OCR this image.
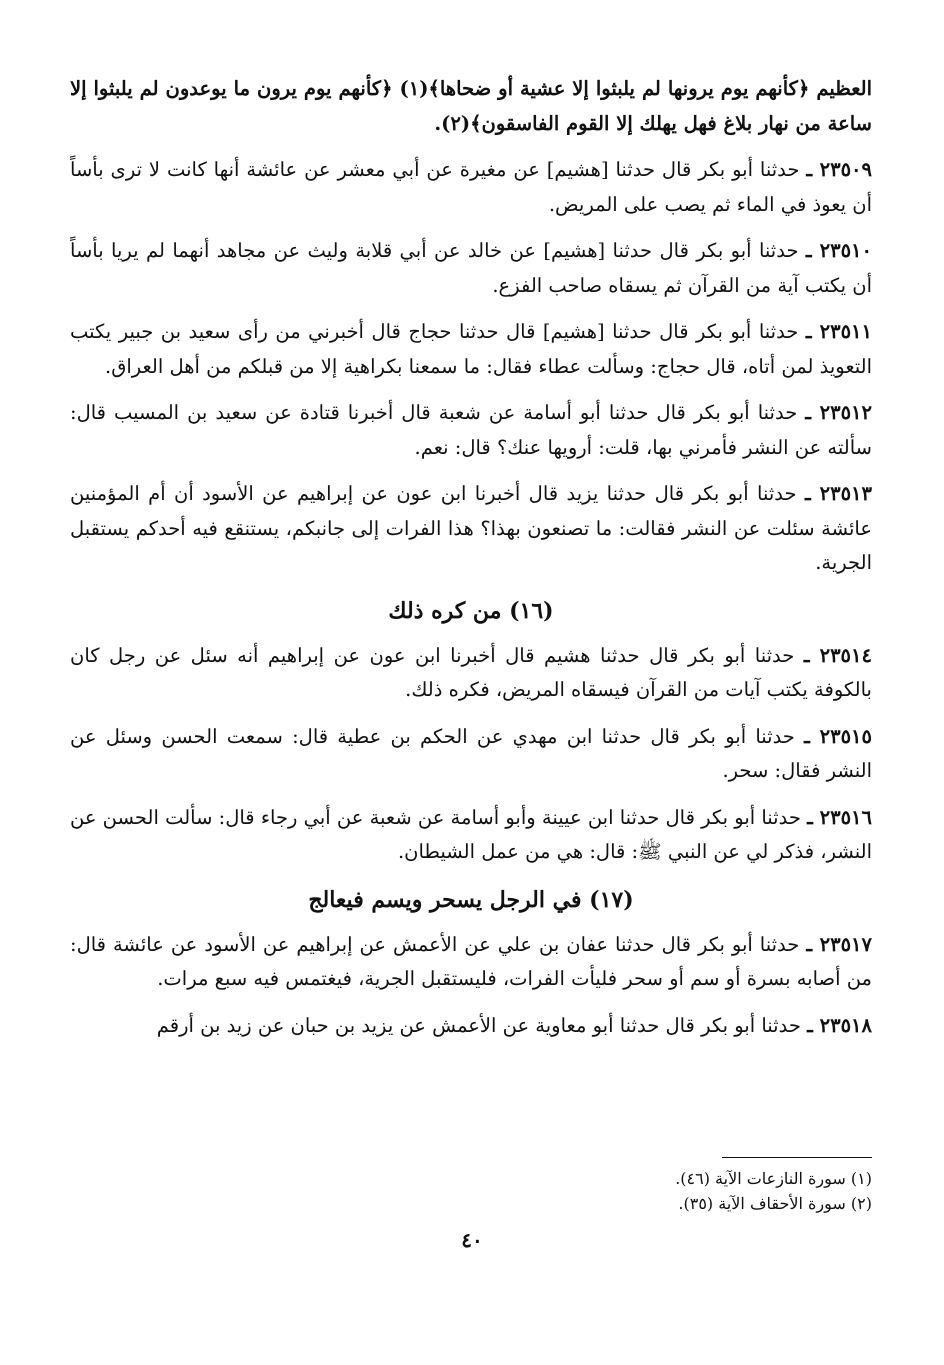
العظيم ﴿كأنهم يوم يرونها لم يلبثوا إلا عشية أو ضحاها﴾(١) ﴿كأنهم يوم يرون ما يوعدون لم يلبثوا إلا ساعة من نهار بلاغ فهل يهلك إلا القوم الفاسقون﴾(٢).

٢٣٥٠٩ ـ حدثنا أبو بكر قال حدثنا [هشيم] عن مغيرة عن أبي معشر عن عائشة أنها كانت لا ترى بأساً أن يعوذ في الماء ثم يصب على المريض.

٢٣٥١٠ ـ حدثنا أبو بكر قال حدثنا [هشيم] عن خالد عن أبي قلابة وليث عن مجاهد أنهما لم يريا بأساً أن يكتب آية من القرآن ثم يسقاه صاحب الفزع.

٢٣٥١١ ـ حدثنا أبو بكر قال حدثنا [هشيم] قال حدثنا حجاج قال أخبرني من رأى سعيد بن جبير يكتب التعويذ لمن أتاه، قال حجاج: وسألت عطاء فقال: ما سمعنا بكراهية إلا من قبلكم من أهل العراق.

٢٣٥١٢ ـ حدثنا أبو بكر قال حدثنا أبو أسامة عن شعبة قال أخبرنا قتادة عن سعيد بن المسيب قال: سألته عن النشر فأمرني بها، قلت: أرويها عنك؟ قال: نعم.

٢٣٥١٣ ـ حدثنا أبو بكر قال حدثنا يزيد قال أخبرنا ابن عون عن إبراهيم عن الأسود أن أم المؤمنين عائشة سئلت عن النشر فقالت: ما تصنعون بهذا؟ هذا الفرات إلى جانبكم، يستنقع فيه أحدكم يستقبل الجرية.

(١٦) من كره ذلك

٢٣٥١٤ ـ حدثنا أبو بكر قال حدثنا هشيم قال أخبرنا ابن عون عن إبراهيم أنه سئل عن رجل كان بالكوفة يكتب آيات من القرآن فيسقاه المريض، فكره ذلك.

٢٣٥١٥ ـ حدثنا أبو بكر قال حدثنا ابن مهدي عن الحكم بن عطية قال: سمعت الحسن وسئل عن النشر فقال: سحر.

٢٣٥١٦ ـ حدثنا أبو بكر قال حدثنا ابن عيينة وأبو أسامة عن شعبة عن أبي رجاء قال: سألت الحسن عن النشر، فذكر لي عن النبي ﷺ: قال: هي من عمل الشيطان.

(١٧) في الرجل يسحر ويسم فيعالج

٢٣٥١٧ ـ حدثنا أبو بكر قال حدثنا عفان بن علي عن الأعمش عن إبراهيم عن الأسود عن عائشة قال: من أصابه بسرة أو سم أو سحر فليأت الفرات، فليستقبل الجرية، فيغتمس فيه سبع مرات.

٢٣٥١٨ ـ حدثنا أبو بكر قال حدثنا أبو معاوية عن الأعمش عن يزيد بن حبان عن زيد بن أرقم

(١) سورة النازعات الآية (٤٦).
(٢) سورة الأحقاف الآية (٣٥).
٤٠
